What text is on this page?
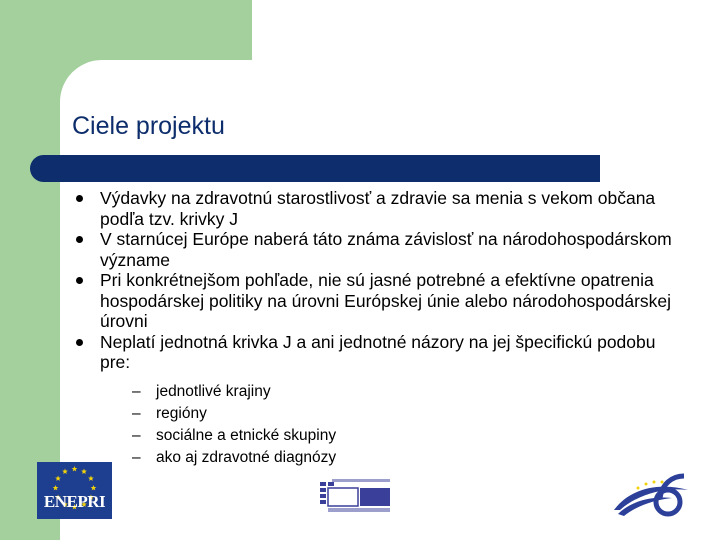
Ciele projektu
Výdavky na zdravotnú starostlivosť a zdravie sa menia s vekom občana podľa tzv. krivky J
V starnúcej Európe naberá táto známa závislosť na národohospodárskom význame
Pri konkrétnejšom pohľade, nie sú jasné potrebné a efektívne opatrenia hospodárskej politiky na úrovni Európskej únie alebo národohospodárskej úrovni
Neplatí jednotná krivka J a ani jednotné názory na jej špecifickú podobu pre:
– jednotlivé krajiny
– regióny
– sociálne a etnické skupiny
– ako aj zdravotné diagnózy
ENEPRI
